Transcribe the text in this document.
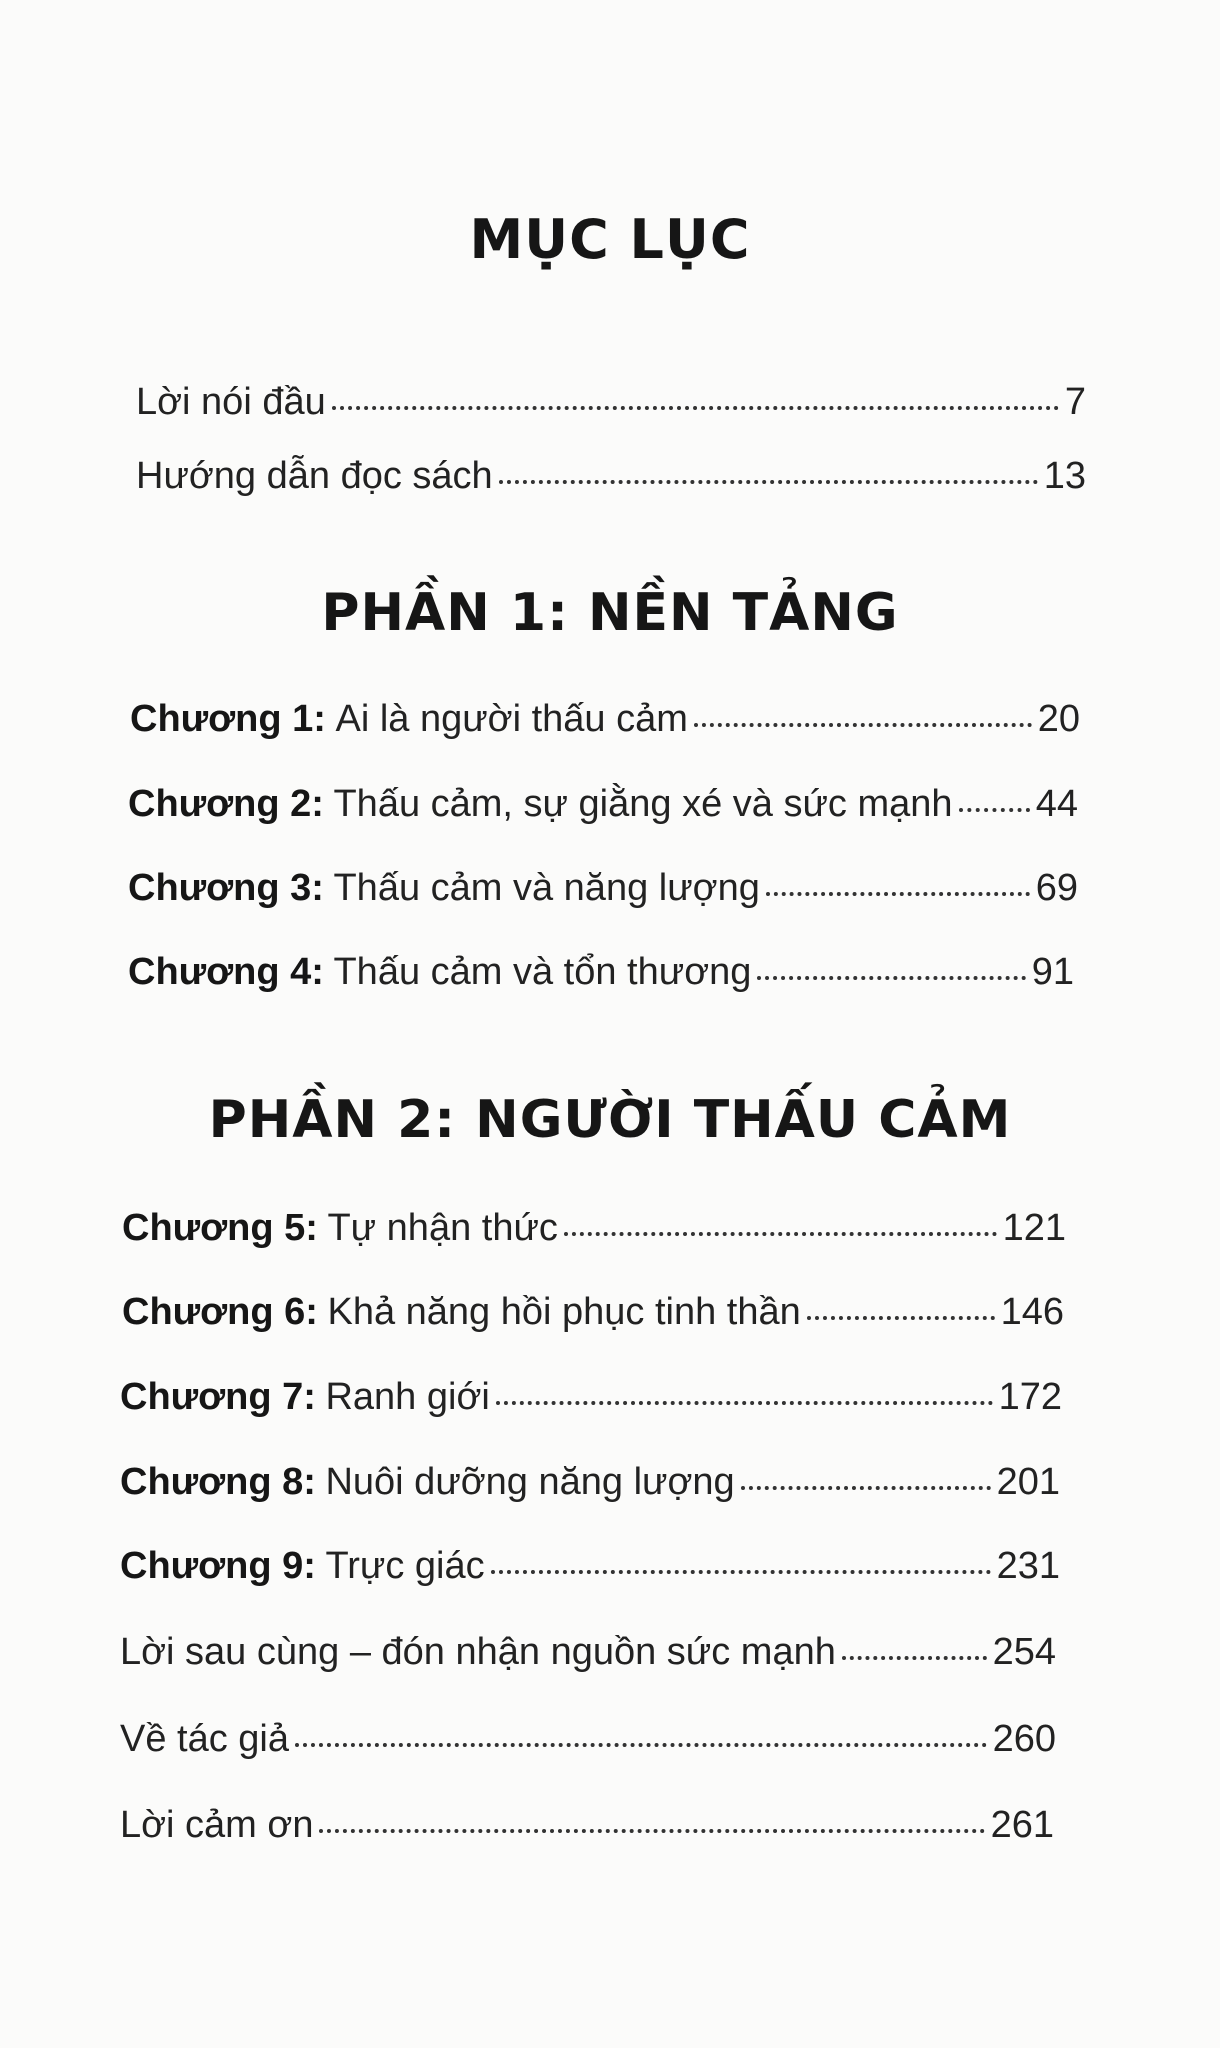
MỤC LỤC
Lời nói đầu	7
Hướng dẫn đọc sách	13
PHẦN 1: NỀN TẢNG
Chương 1: Ai là người thấu cảm	20
Chương 2: Thấu cảm, sự giằng xé và sức mạnh 44
Chương 3: Thấu cảm và năng lượng	69
Chương 4: Thấu cảm và tổn thương	91
PHẦN 2: NGƯỜI THẤU CẢM
Chương 5: Tự nhận thức	121
Chương 6: Khả năng hồi phục tinh thần	146
Chương 7: Ranh giới	172
Chương 8: Nuôi dưỡng năng lượng	201
Chương 9: Trực giác	231
Lời sau cùng – đón nhận nguồn sức mạnh	254
Về tác giả	260
Lời cảm ơn	261
